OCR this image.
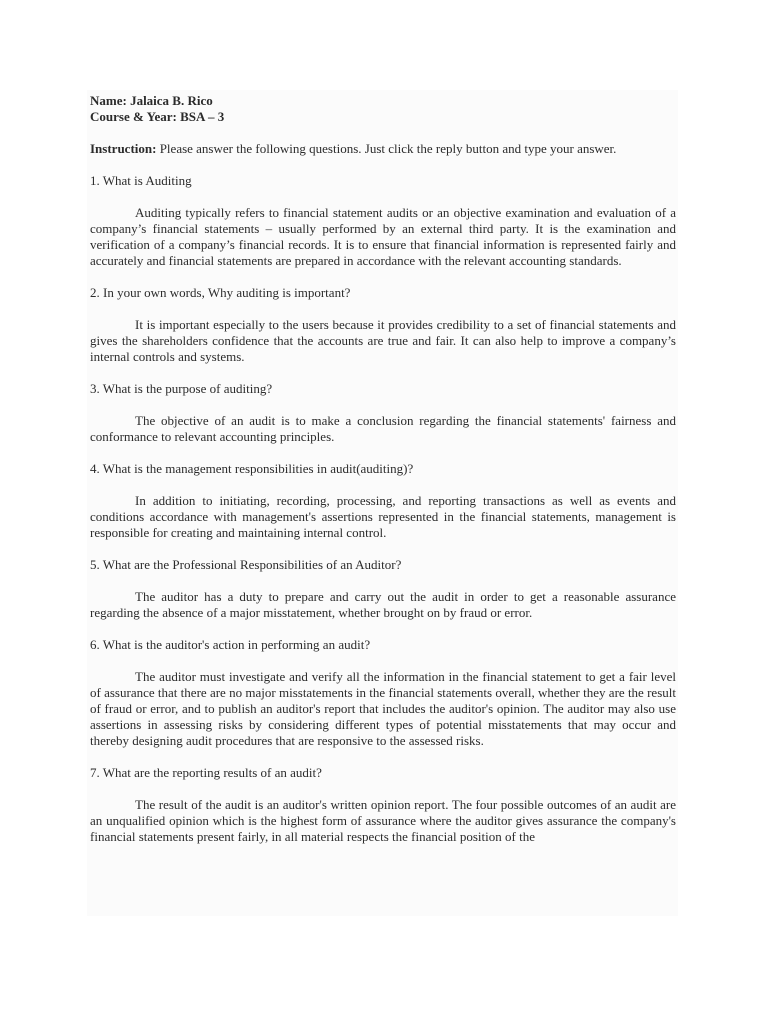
Name: Jalaica B. Rico

Course & Year: BSA – 3

Instruction: Please answer the following questions. Just click the reply button and type your answer.

1. What is Auditing

Auditing typically refers to financial statement audits or an objective examination and evaluation of a company’s financial statements – usually performed by an external third party. It is the examination and verification of a company’s financial records. It is to ensure that financial information is represented fairly and accurately and financial statements are prepared in accordance with the relevant accounting standards.

2. In your own words, Why auditing is important?

It is important especially to the users because it provides credibility to a set of financial statements and gives the shareholders confidence that the accounts are true and fair. It can also help to improve a company’s internal controls and systems.

3. What is the purpose of auditing?

The objective of an audit is to make a conclusion regarding the financial statements' fairness and conformance to relevant accounting principles.

4. What is the management responsibilities in audit(auditing)?

In addition to initiating, recording, processing, and reporting transactions as well as events and conditions accordance with management's assertions represented in the financial statements, management is responsible for creating and maintaining internal control.

5. What are the Professional Responsibilities of an Auditor?

The auditor has a duty to prepare and carry out the audit in order to get a reasonable assurance regarding the absence of a major misstatement, whether brought on by fraud or error.

6. What is the auditor's action in performing an audit?

The auditor must investigate and verify all the information in the financial statement to get a fair level of assurance that there are no major misstatements in the financial statements overall, whether they are the result of fraud or error, and to publish an auditor's report that includes the auditor's opinion. The auditor may also use assertions in assessing risks by considering different types of potential misstatements that may occur and thereby designing audit procedures that are responsive to the assessed risks.

7. What are the reporting results of an audit?

The result of the audit is an auditor's written opinion report. The four possible outcomes of an audit are an unqualified opinion which is the highest form of assurance where the auditor gives assurance the company's financial statements present fairly, in all material respects the financial position of the
